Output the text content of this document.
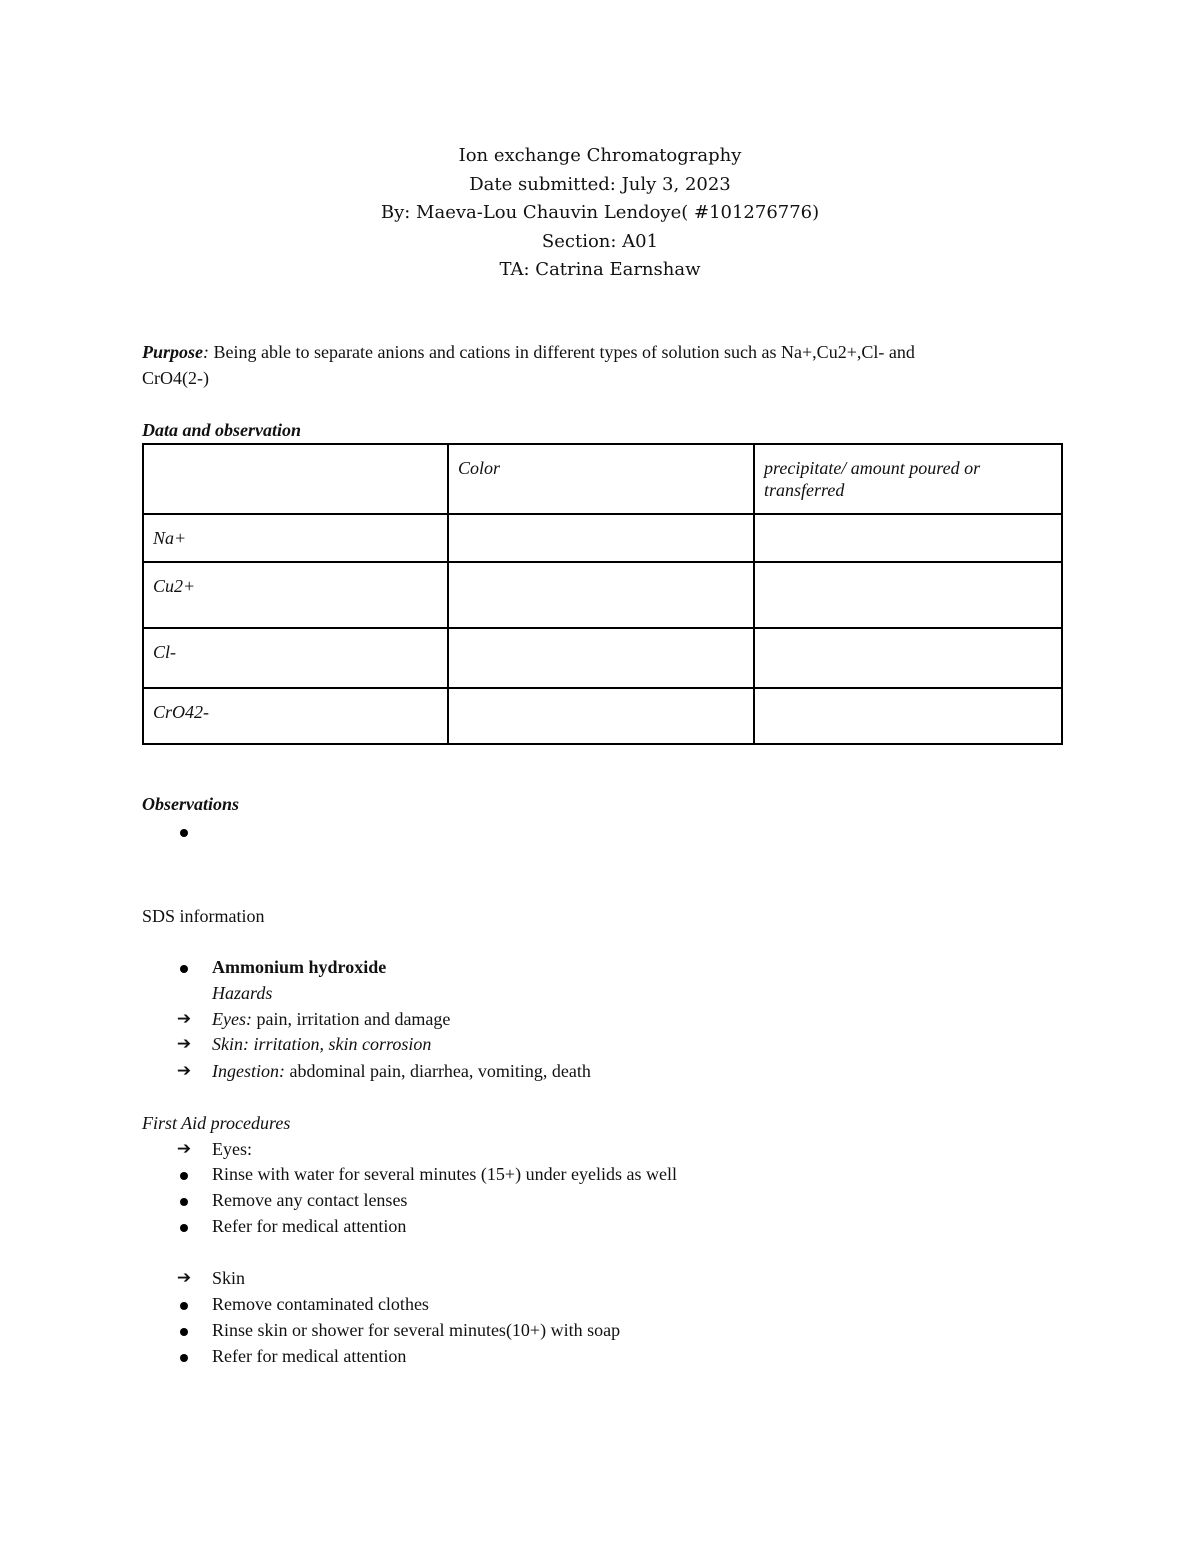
Ion exchange Chromatography
Date submitted: July 3, 2023
By: Maeva-Lou Chauvin Lendoye( #101276776)
Section: A01
TA: Catrina Earnshaw
Purpose: Being able to separate anions and cations in different types of solution such as Na+,Cu2+,Cl- and
CrO4(2-)
Data and observation
	Color	precipitate/ amount poured or transferred
Na+		
Cu2+		
Cl-		
CrO42-		
Observations
SDS information
Ammonium hydroxide
Hazards
➔ Eyes: pain, irritation and damage
➔ Skin: irritation, skin corrosion
➔ Ingestion: abdominal pain, diarrhea, vomiting, death
First Aid procedures
➔ Eyes:
Rinse with water for several minutes (15+) under eyelids as well
Remove any contact lenses
Refer for medical attention
➔ Skin
Remove contaminated clothes
Rinse skin or shower for several minutes(10+) with soap
Refer for medical attention
